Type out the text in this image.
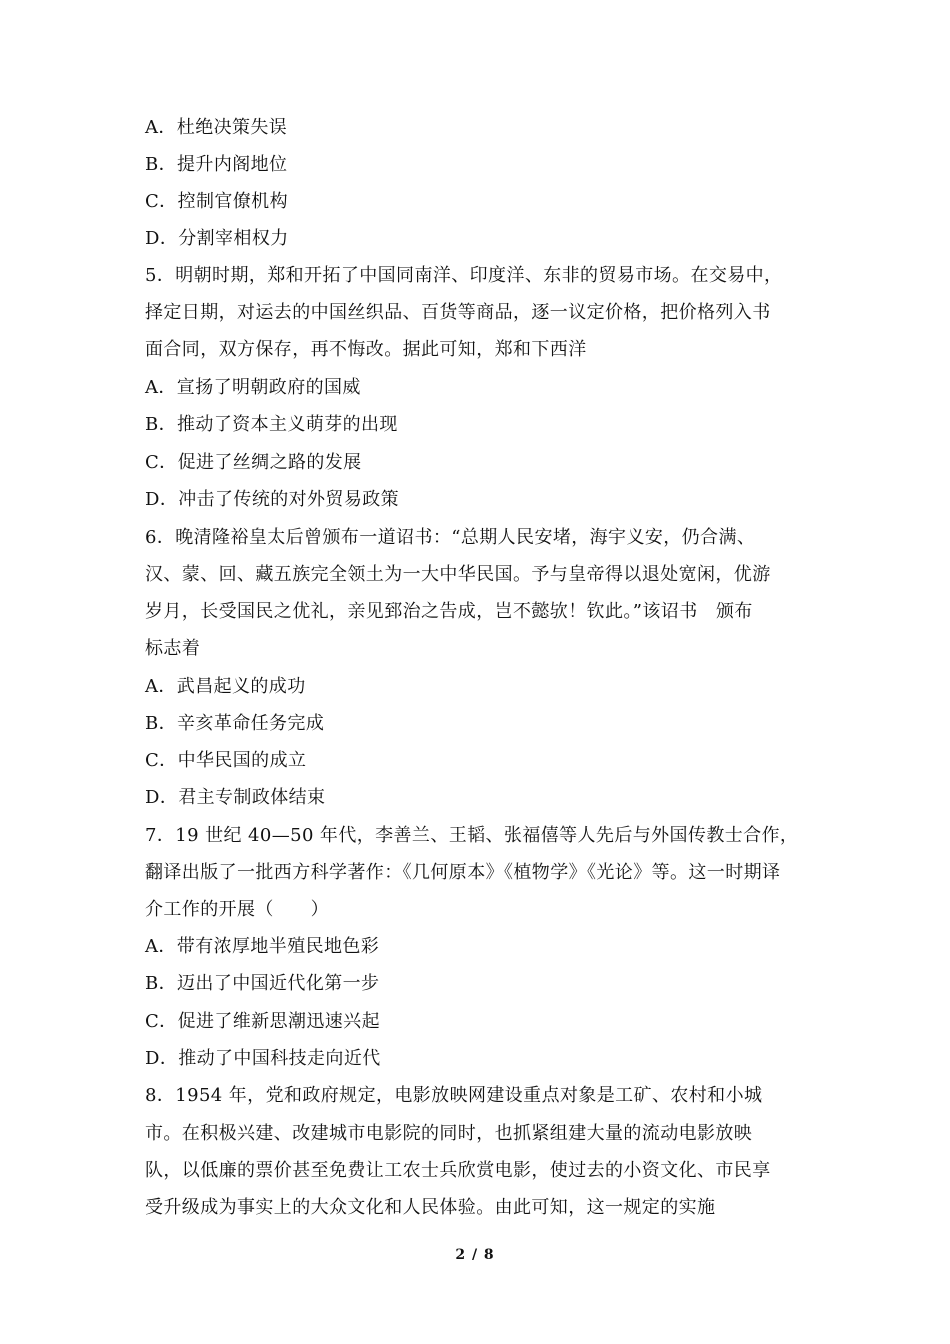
A．杜绝决策失误
B．提升内阁地位
C．控制官僚机构
D．分割宰相权力
5．明朝时期，郑和开拓了中国同南洋、印度洋、东非的贸易市场。在交易中，
择定日期，对运去的中国丝织品、百货等商品，逐一议定价格，把价格列入书
面合同，双方保存，再不悔改。据此可知，郑和下西洋
A．宣扬了明朝政府的国威
B．推动了资本主义萌芽的出现
C．促进了丝绸之路的发展
D．冲击了传统的对外贸易政策
6．晚清隆裕皇太后曾颁布一道诏书：“总期人民安堵，海宇义安，仍合满、
汉、蒙、回、藏五族完全领土为一大中华民国。予与皇帝得以退处宽闲，优游
岁月，长受国民之优礼，亲见郅治之告成，岂不懿欤！钦此。”该诏书　颁布
标志着
A．武昌起义的成功
B．辛亥革命任务完成
C．中华民国的成立
D．君主专制政体结束
7．19 世纪 40—50 年代，李善兰、王韬、张福僖等人先后与外国传教士合作，
翻译出版了一批西方科学著作：《几何原本》《植物学》《光论》等。这一时期译
介工作的开展（　　）
A．带有浓厚地半殖民地色彩
B．迈出了中国近代化第一步
C．促进了维新思潮迅速兴起
D．推动了中国科技走向近代
8．1954 年，党和政府规定，电影放映网建设重点对象是工矿、农村和小城
市。在积极兴建、改建城市电影院的同时，也抓紧组建大量的流动电影放映
队，以低廉的票价甚至免费让工农士兵欣赏电影，使过去的小资文化、市民享
受升级成为事实上的大众文化和人民体验。由此可知，这一规定的实施
2 / 8
